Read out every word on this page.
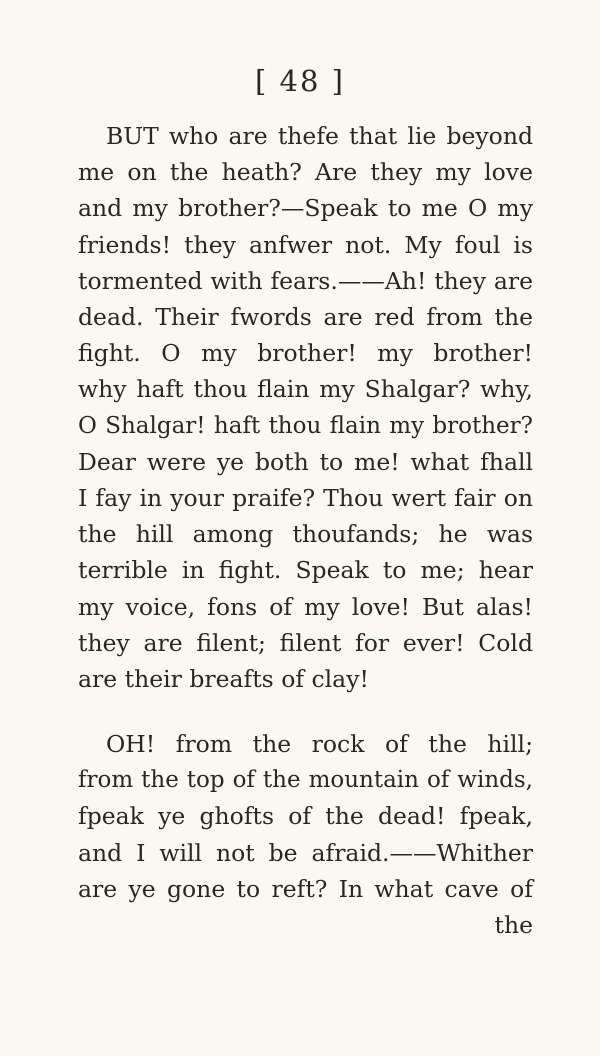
[ 48 ]
BUT who are thefe that lie beyond
me on the heath? Are they my love
and my brother?—Speak to me O my
friends! they anfwer not. My foul is
tormented with fears.——Ah! they are
dead. Their fwords are red from the
fight. O my brother! my brother!
why haft thou flain my Shalgar? why,
O Shalgar! haft thou flain my brother?
Dear were ye both to me! what fhall
I fay in your praife? Thou wert fair on
the hill among thoufands; he was
terrible in fight. Speak to me; hear
my voice, fons of my love! But alas!
they are filent; filent for ever! Cold
are their breafts of clay!
OH! from the rock of the hill;
from the top of the mountain of winds,
fpeak ye ghofts of the dead! fpeak,
and I will not be afraid.——Whither
are ye gone to reft? In what cave of
the
